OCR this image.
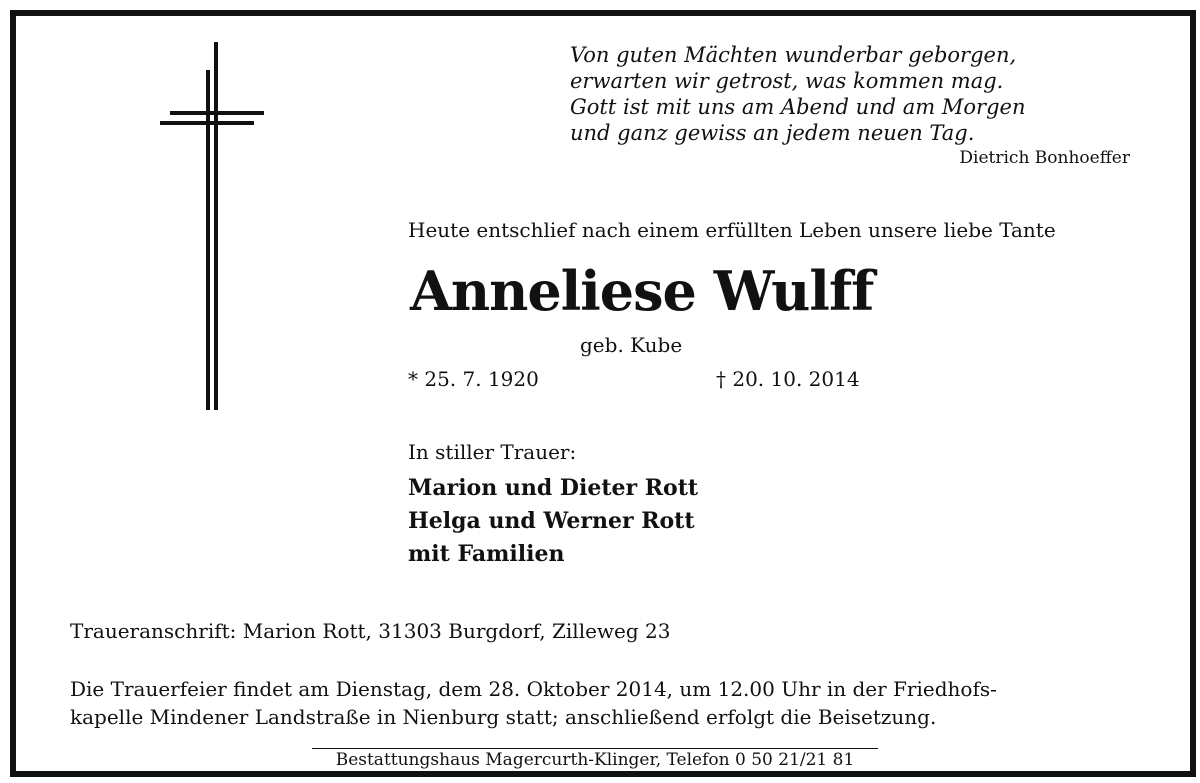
Von guten Mächten wunderbar geborgen,
erwarten wir getrost, was kommen mag.
Gott ist mit uns am Abend und am Morgen
und ganz gewiss an jedem neuen Tag.
Dietrich Bonhoeffer
Heute entschlief nach einem erfüllten Leben unsere liebe Tante
Anneliese Wulff
geb. Kube
* 25. 7. 1920	† 20. 10. 2014
In stiller Trauer:
Marion und Dieter Rott
Helga und Werner Rott
mit Familien
Traueranschrift: Marion Rott, 31303 Burgdorf, Zilleweg 23
Die Trauerfeier findet am Dienstag, dem 28. Oktober 2014, um 12.00 Uhr in der Friedhofs-
kapelle Mindener Landstraße in Nienburg statt; anschließend erfolgt die Beisetzung.
Bestattungshaus Magercurth-Klinger, Telefon 0 50 21/21 81
